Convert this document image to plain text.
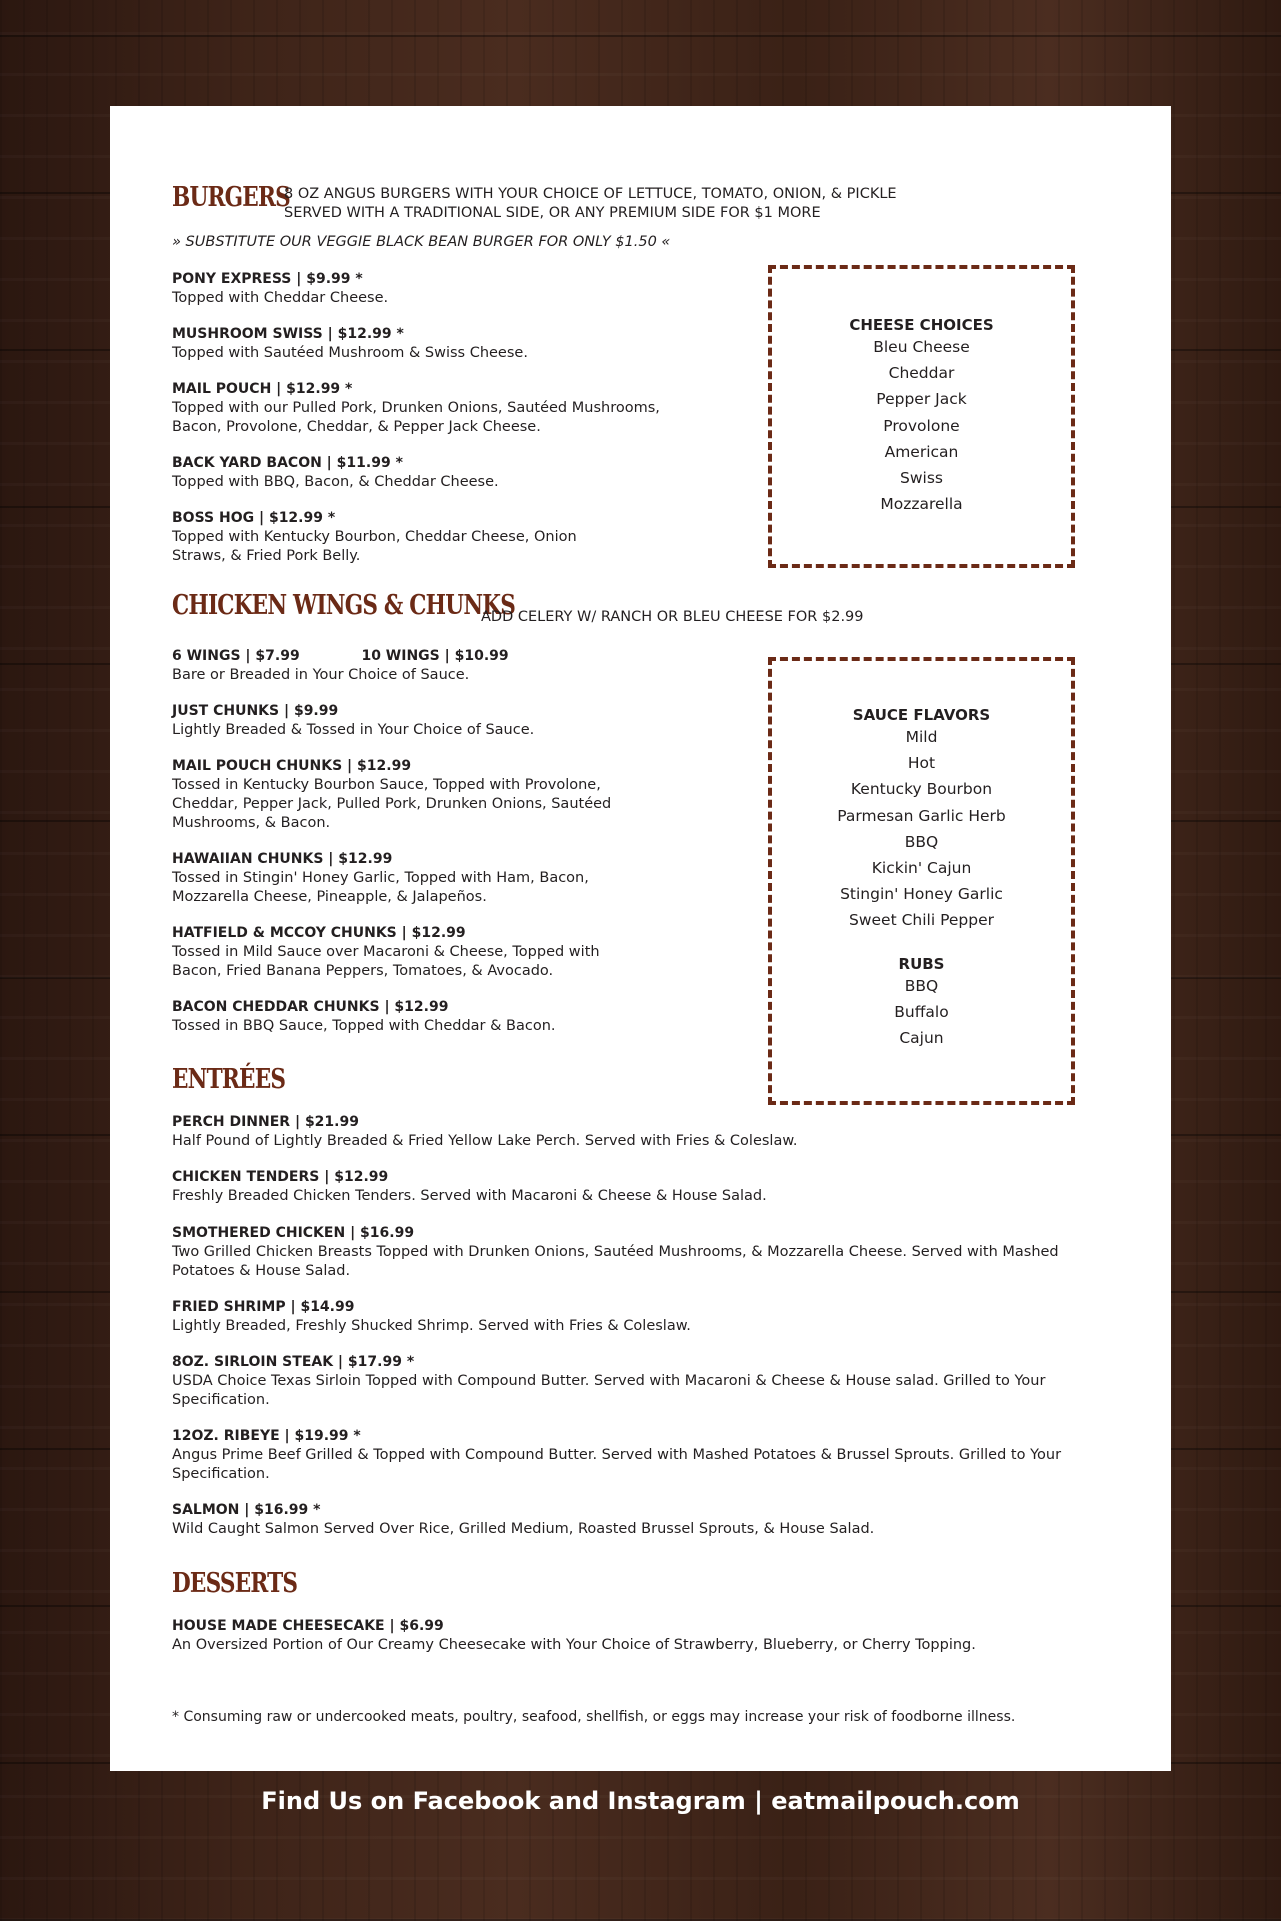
BURGERS
8 OZ ANGUS BURGERS WITH YOUR CHOICE OF LETTUCE, TOMATO, ONION, & PICKLE
SERVED WITH A TRADITIONAL SIDE, OR ANY PREMIUM SIDE FOR $1 MORE
» SUBSTITUTE OUR VEGGIE BLACK BEAN BURGER FOR ONLY $1.50 «
PONY EXPRESS | $9.99 *
Topped with Cheddar Cheese.
MUSHROOM SWISS | $12.99 *
Topped with Sautéed Mushroom & Swiss Cheese.
MAIL POUCH | $12.99 *
Topped with our Pulled Pork, Drunken Onions, Sautéed Mushrooms, Bacon, Provolone, Cheddar, & Pepper Jack Cheese.
BACK YARD BACON | $11.99 *
Topped with BBQ, Bacon, & Cheddar Cheese.
BOSS HOG | $12.99 *
Topped with Kentucky Bourbon, Cheddar Cheese, Onion Straws, & Fried Pork Belly.
CHEESE CHOICES
Bleu Cheese
Cheddar
Pepper Jack
Provolone
American
Swiss
Mozzarella
CHICKEN WINGS & CHUNKS
ADD CELERY W/ RANCH OR BLEU CHEESE FOR $2.99
6 WINGS | $7.99	10 WINGS | $10.99
Bare or Breaded in Your Choice of Sauce.
JUST CHUNKS | $9.99
Lightly Breaded & Tossed in Your Choice of Sauce.
MAIL POUCH CHUNKS | $12.99
Tossed in Kentucky Bourbon Sauce, Topped with Provolone, Cheddar, Pepper Jack, Pulled Pork, Drunken Onions, Sautéed Mushrooms, & Bacon.
HAWAIIAN CHUNKS | $12.99
Tossed in Stingin' Honey Garlic, Topped with Ham, Bacon, Mozzarella Cheese, Pineapple, & Jalapeños.
HATFIELD & MCCOY CHUNKS | $12.99
Tossed in Mild Sauce over Macaroni & Cheese, Topped with Bacon, Fried Banana Peppers, Tomatoes, & Avocado.
BACON CHEDDAR CHUNKS | $12.99
Tossed in BBQ Sauce, Topped with Cheddar & Bacon.
SAUCE FLAVORS
Mild
Hot
Kentucky Bourbon
Parmesan Garlic Herb
BBQ
Kickin' Cajun
Stingin' Honey Garlic
Sweet Chili Pepper
RUBS
BBQ
Buffalo
Cajun
ENTRÉES
PERCH DINNER | $21.99
Half Pound of Lightly Breaded & Fried Yellow Lake Perch. Served with Fries & Coleslaw.
CHICKEN TENDERS | $12.99
Freshly Breaded Chicken Tenders. Served with Macaroni & Cheese & House Salad.
SMOTHERED CHICKEN | $16.99
Two Grilled Chicken Breasts Topped with Drunken Onions, Sautéed Mushrooms, & Mozzarella Cheese. Served with Mashed Potatoes & House Salad.
FRIED SHRIMP | $14.99
Lightly Breaded, Freshly Shucked Shrimp. Served with Fries & Coleslaw.
8OZ. SIRLOIN STEAK | $17.99 *
USDA Choice Texas Sirloin Topped with Compound Butter. Served with Macaroni & Cheese & House salad. Grilled to Your Specification.
12OZ. RIBEYE | $19.99 *
Angus Prime Beef Grilled & Topped with Compound Butter. Served with Mashed Potatoes & Brussel Sprouts. Grilled to Your Specification.
SALMON | $16.99 *
Wild Caught Salmon Served Over Rice, Grilled Medium, Roasted Brussel Sprouts, & House Salad.
DESSERTS
HOUSE MADE CHEESECAKE | $6.99
An Oversized Portion of Our Creamy Cheesecake with Your Choice of Strawberry, Blueberry, or Cherry Topping.
* Consuming raw or undercooked meats, poultry, seafood, shellfish, or eggs may increase your risk of foodborne illness.
Find Us on Facebook and Instagram | eatmailpouch.com
